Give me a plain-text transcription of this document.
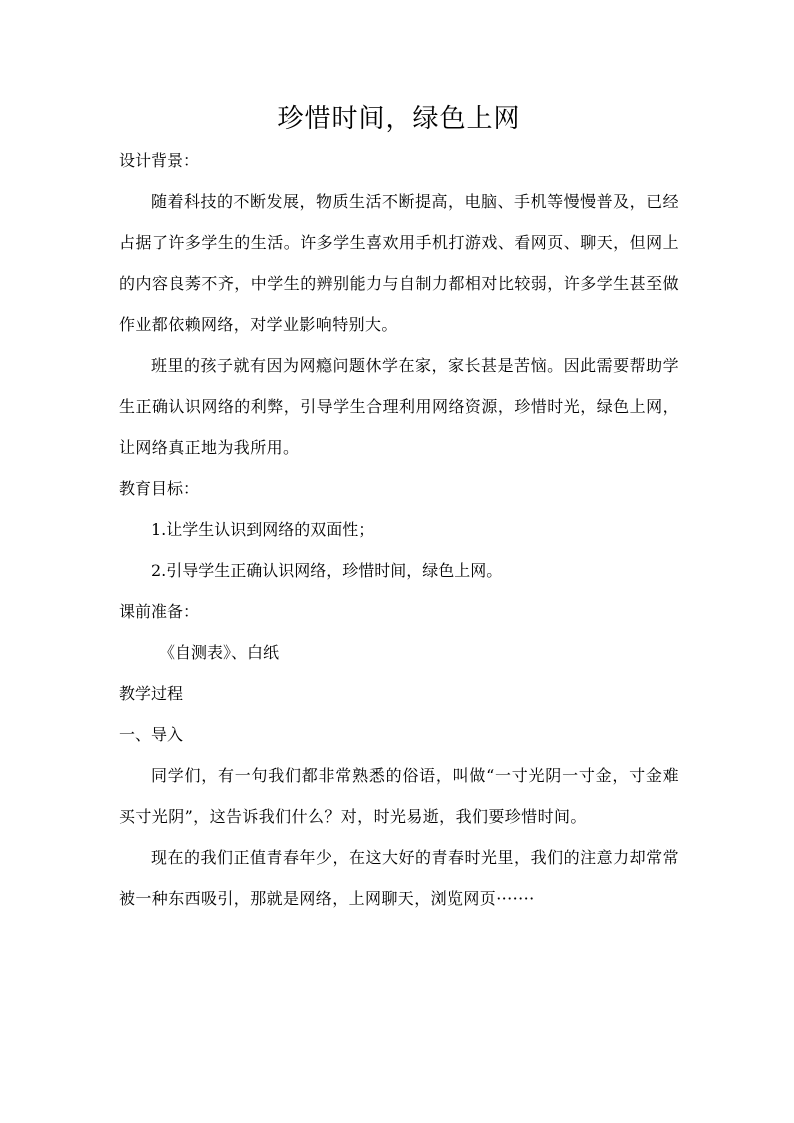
珍惜时间，绿色上网

设计背景：

随着科技的不断发展，物质生活不断提高，电脑、手机等慢慢普及，已经占据了许多学生的生活。许多学生喜欢用手机打游戏、看网页、聊天，但网上的内容良莠不齐，中学生的辨别能力与自制力都相对比较弱，许多学生甚至做作业都依赖网络，对学业影响特别大。

班里的孩子就有因为网瘾问题休学在家，家长甚是苦恼。因此需要帮助学生正确认识网络的利弊，引导学生合理利用网络资源，珍惜时光，绿色上网，让网络真正地为我所用。

教育目标：

1.让学生认识到网络的双面性；

2.引导学生正确认识网络，珍惜时间，绿色上网。

课前准备：

《自测表》、白纸

教学过程

一、导入

同学们，有一句我们都非常熟悉的俗语，叫做“一寸光阴一寸金，寸金难买寸光阴”，这告诉我们什么？对，时光易逝，我们要珍惜时间。

现在的我们正值青春年少，在这大好的青春时光里，我们的注意力却常常被一种东西吸引，那就是网络，上网聊天，浏览网页·······
